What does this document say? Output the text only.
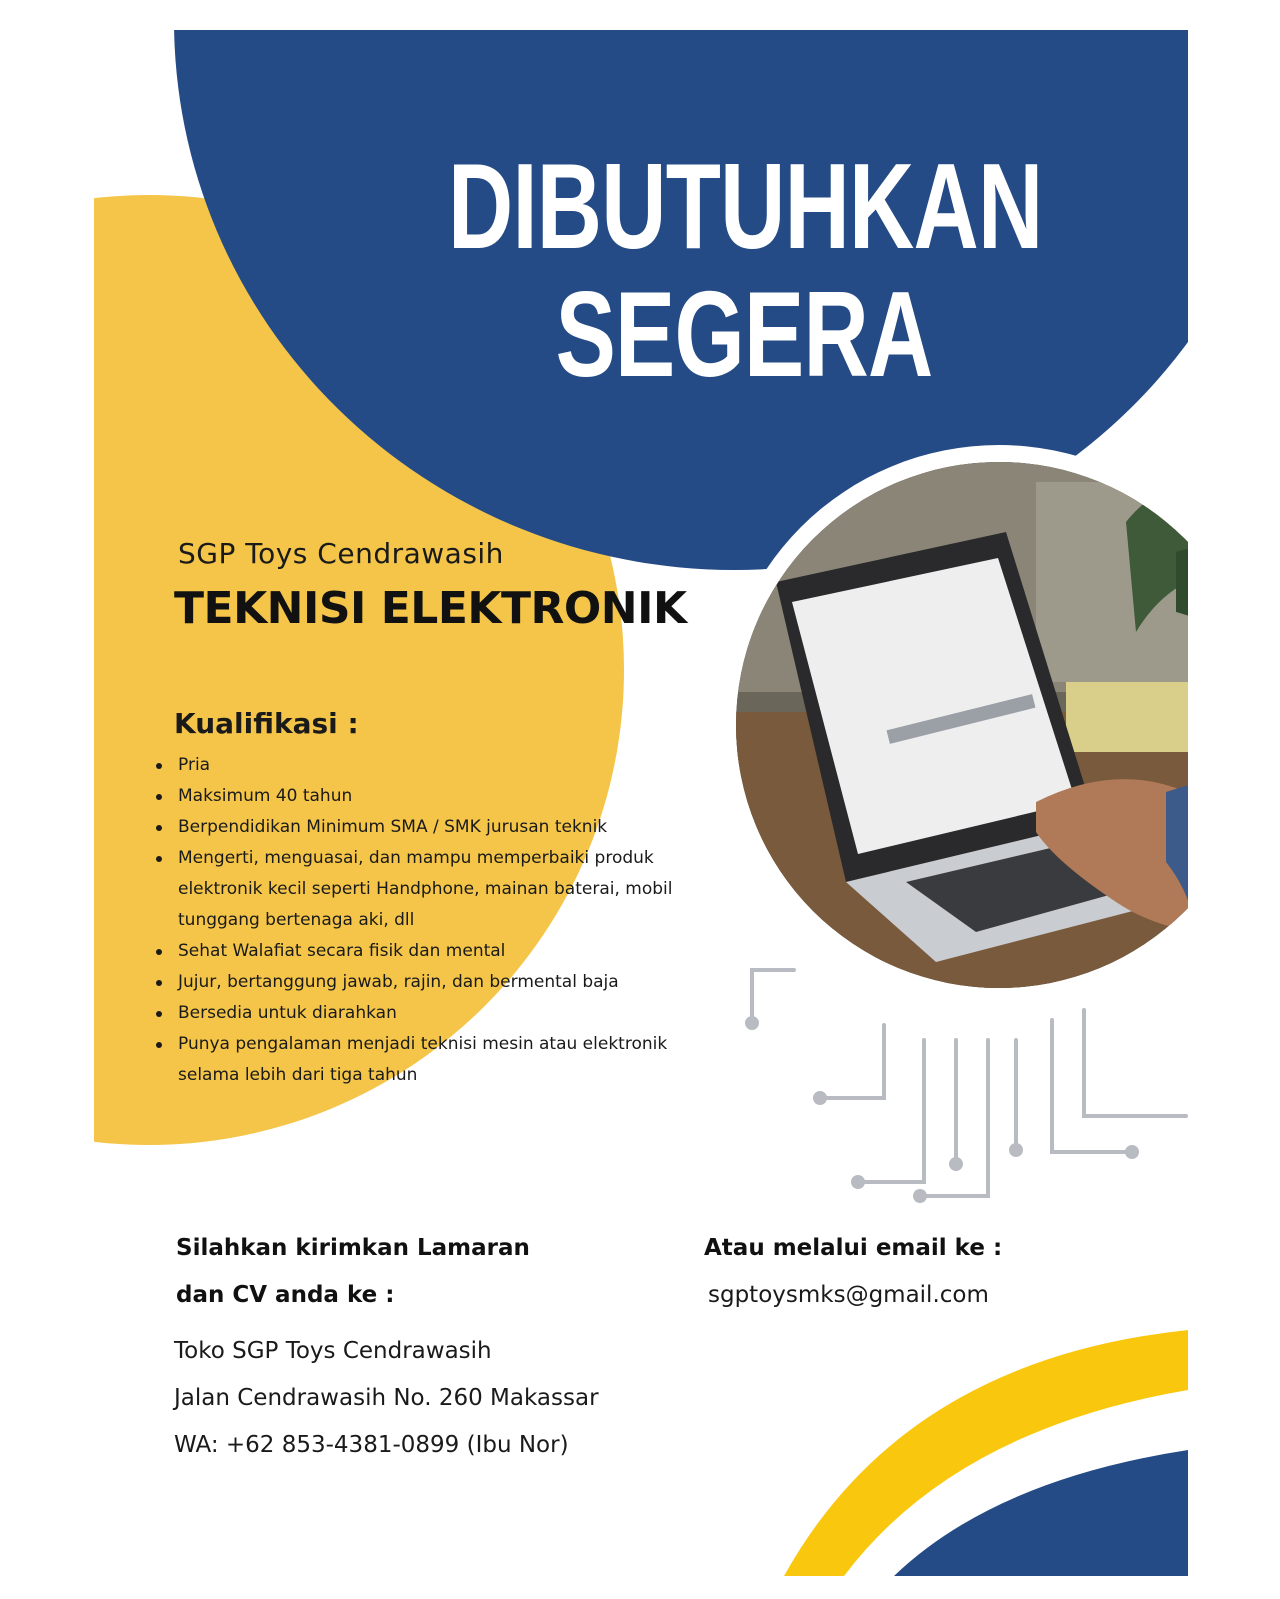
DIBUTUHKAN
SEGERA
SGP Toys Cendrawasih
TEKNISI ELEKTRONIK
Kualifikasi :
Pria
Maksimum 40 tahun
Berpendidikan Minimum SMA / SMK jurusan teknik
Mengerti, menguasai, dan mampu memperbaiki produk elektronik kecil seperti Handphone, mainan baterai, mobil tunggang bertenaga aki, dll
Sehat Walafiat secara fisik dan mental
Jujur, bertanggung jawab, rajin, dan bermental baja
Bersedia untuk diarahkan
Punya pengalaman menjadi teknisi mesin atau elektronik selama lebih dari tiga tahun
Silahkan kirimkan Lamaran
dan CV anda ke :
Toko SGP Toys Cendrawasih
Jalan Cendrawasih No. 260 Makassar
WA: +62 853-4381-0899 (Ibu Nor)
Atau melalui email ke :
sgptoysmks@gmail.com
